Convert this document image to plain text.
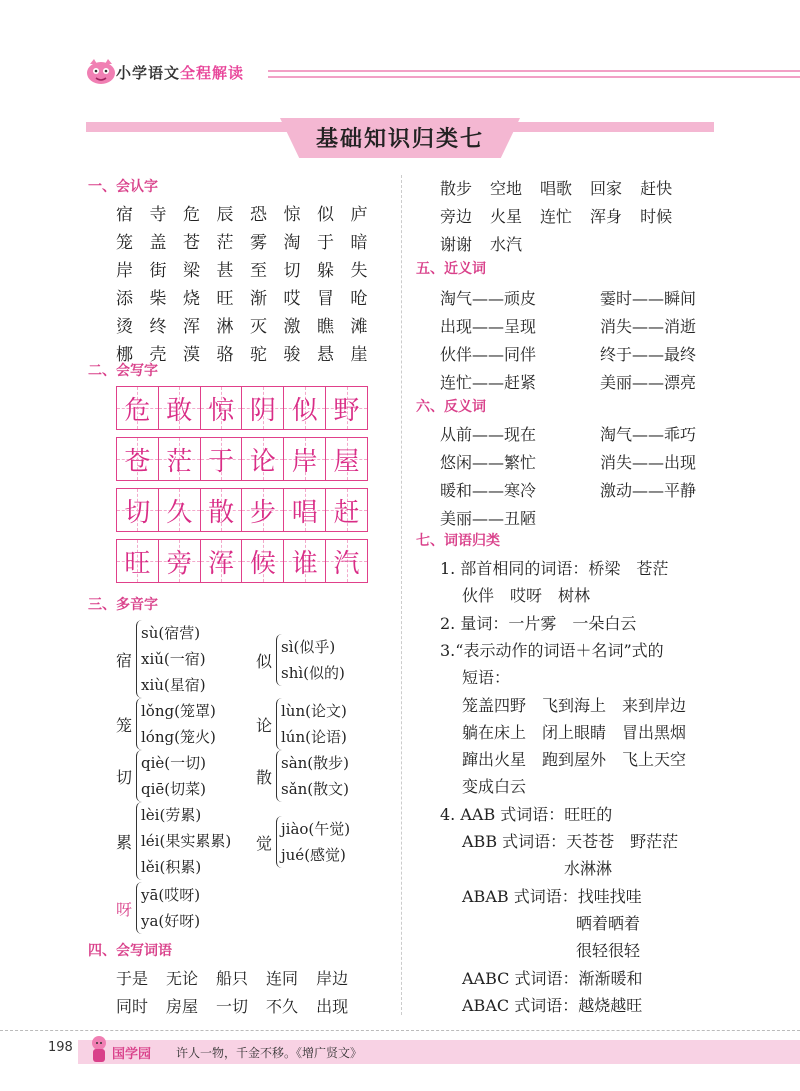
小学语文全程解读
基础知识归类七
一、会认字
宿 寺 危 辰 恐 惊 似 庐
笼 盖 苍 茫 雾 淘 于 暗
岸 街 梁 甚 至 切 躲 失
添 柴 烧 旺 渐 哎 冒 呛
烫 终 浑 淋 灭 激 瞧 滩
梛 壳 漠 骆 驼 骏 悬 崖
二、会写字
危 敢 惊 阴 似 野
苍 茫 于 论 岸 屋
切 久 散 步 唱 赶
旺 旁 浑 候 谁 汽
三、多音字
宿
sù(宿营)
xiǔ(一宿)
xiù(星宿)
似
sì(似乎)
shì(似的)
笼
lǒng(笼罩)
lóng(笼火)
论
lùn(论文)
lún(论语)
切
qiè(一切)
qiē(切菜)
散
sàn(散步)
sǎn(散文)
累
lèi(劳累)
léi(果实累累)
lěi(积累)
觉
jiào(午觉)
jué(感觉)
呀
yā(哎呀)
ya(好呀)
四、会写词语
于是 无论 船只 连同 岸边
同时 房屋 一切 不久 出现
散步 空地 唱歌 回家 赶快
旁边 火星 连忙 浑身 时候
谢谢 水汽
五、近义词
淘气——顽皮	霎时——瞬间
出现——呈现	消失——消逝
伙伴——同伴	终于——最终
连忙——赶紧	美丽——漂亮
六、反义词
从前——现在	淘气——乖巧
悠闲——繁忙	消失——出现
暖和——寒冷	激动——平静
美丽——丑陋
七、词语归类
1. 部首相同的词语：桥梁　苍茫
伙伴　哎呀　树林
2. 量词：一片雾　一朵白云
3.“表示动作的词语＋名词”式的
短语：
笼盖四野　飞到海上　来到岸边
躺在床上　闭上眼睛　冒出黑烟
蹿出火星　跑到屋外　飞上天空
变成白云
4. AAB 式词语：旺旺的
ABB 式词语：天苍苍　野茫茫
水淋淋
ABAB 式词语：找哇找哇
晒着晒着
很轻很轻
AABC 式词语：渐渐暖和
ABAC 式词语：越烧越旺
198	国学园 许人一物，千金不移。《增广贤文》
